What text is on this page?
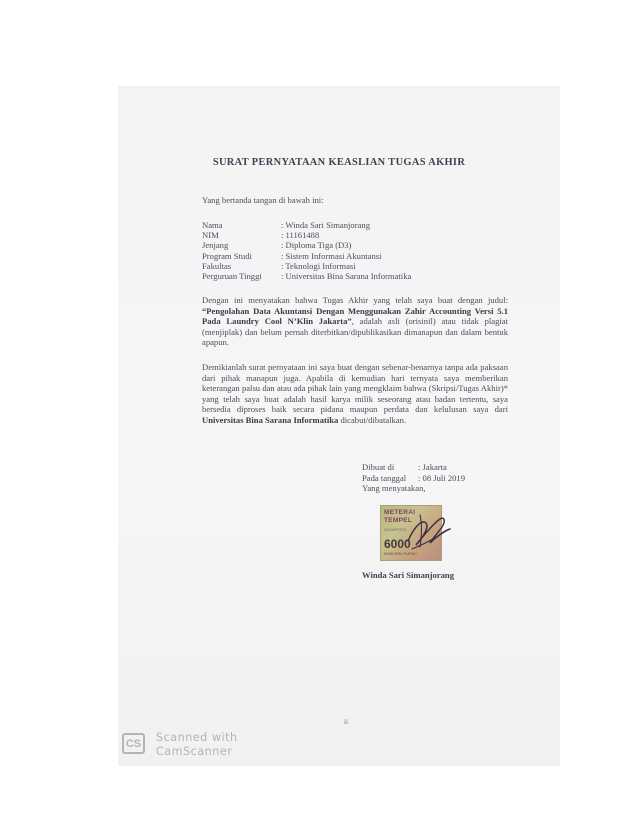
SURAT PERNYATAAN KEASLIAN TUGAS AKHIR
Yang bertanda tangan di bawah ini:
Nama	: Winda Sari Simanjorang
NIM	: 11161488
Jenjang	: Diploma Tiga (D3)
Program Studi	: Sistem Informasi Akuntansi
Fakultas	: Teknologi Informasi
Perguruan Tinggi	: Universitas Bina Sarana Informatika
Dengan ini menyatakan bahwa Tugas Akhir yang telah saya buat dengan judul: “Pengolahan Data Akuntansi Dengan Menggunakan Zahir Accounting Versi 5.1 Pada Laundry Cool N’Klin Jakarta”, adalah asli (orisinil) atau tidak plagiat (menjiplak) dan belum pernah diterbitkan/dipublikasikan dimanapun dan dalam bentuk apapun.
Demikianlah surat pernyataan ini saya buat dengan sebenar-benarnya tanpa ada paksaan dari pihak manapun juga. Apabila di kemudian hari ternyata saya memberikan keterangan palsu dan atau ada pihak lain yang mengklaim bahwa (Skripsi/Tugas Akhir)* yang telah saya buat adalah hasil karya milik seseorang atau badan tertentu, saya bersedia diproses baik secara pidana maupun perdata dan kelulusan saya dari Universitas Bina Sarana Informatika dicabut/dibatalkan.
Dibuat di	: Jakarta
Pada tanggal	: 08 Juli 2019
Yang menyatakan,
METERAI
TEMPEL
0CDAFF876
6000
ENAM RIBU RUPIAH
Winda Sari Simanjorang
ii
CS	Scanned with
CamScanner
